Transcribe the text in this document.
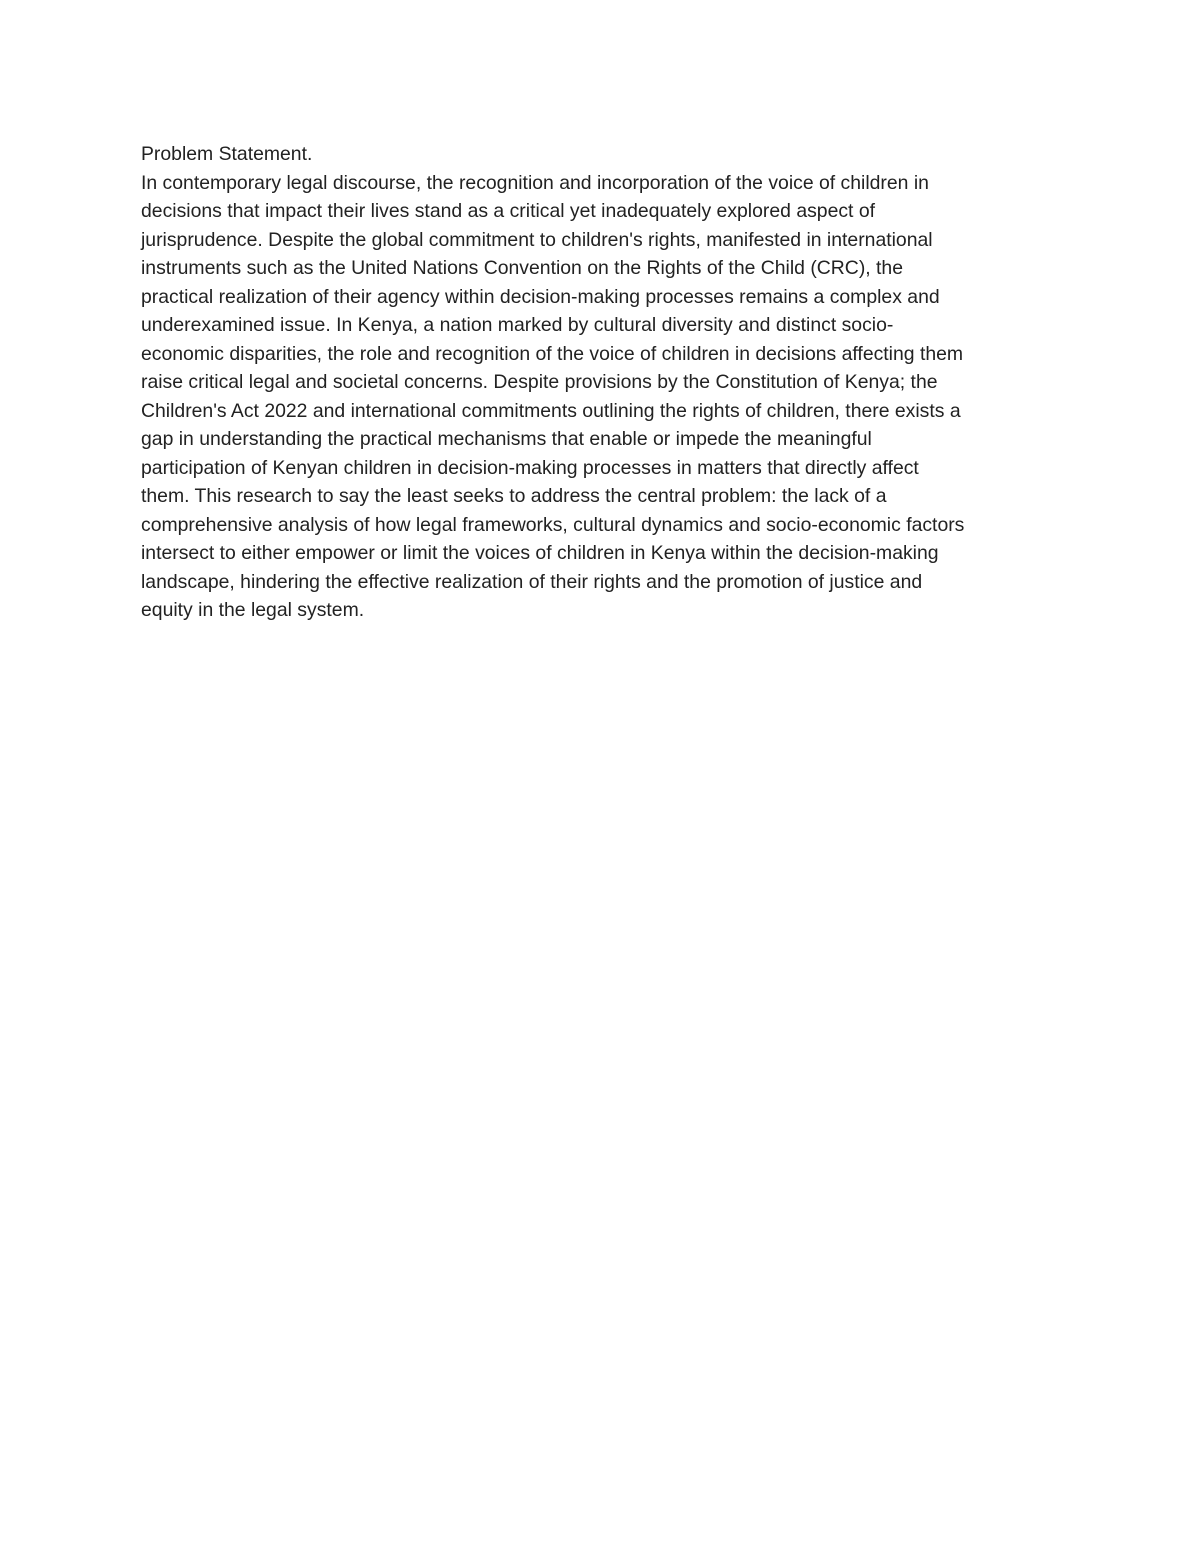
Problem Statement.
In contemporary legal discourse, the recognition and incorporation of the voice of children in
decisions that impact their lives stand as a critical yet inadequately explored aspect of
jurisprudence. Despite the global commitment to children's rights, manifested in international
instruments such as the United Nations Convention on the Rights of the Child (CRC), the
practical realization of their agency within decision-making processes remains a complex and
underexamined issue. In Kenya, a nation marked by cultural diversity and distinct socio-
economic disparities, the role and recognition of the voice of children in decisions affecting them
raise critical legal and societal concerns. Despite provisions by the Constitution of Kenya; the
Children's Act 2022 and international commitments outlining the rights of children, there exists a
gap in understanding the practical mechanisms that enable or impede the meaningful
participation of Kenyan children in decision-making processes in matters that directly affect
them. This research to say the least seeks to address the central problem: the lack of a
comprehensive analysis of how legal frameworks, cultural dynamics and socio-economic factors
intersect to either empower or limit the voices of children in Kenya within the decision-making
landscape, hindering the effective realization of their rights and the promotion of justice and
equity in the legal system.
